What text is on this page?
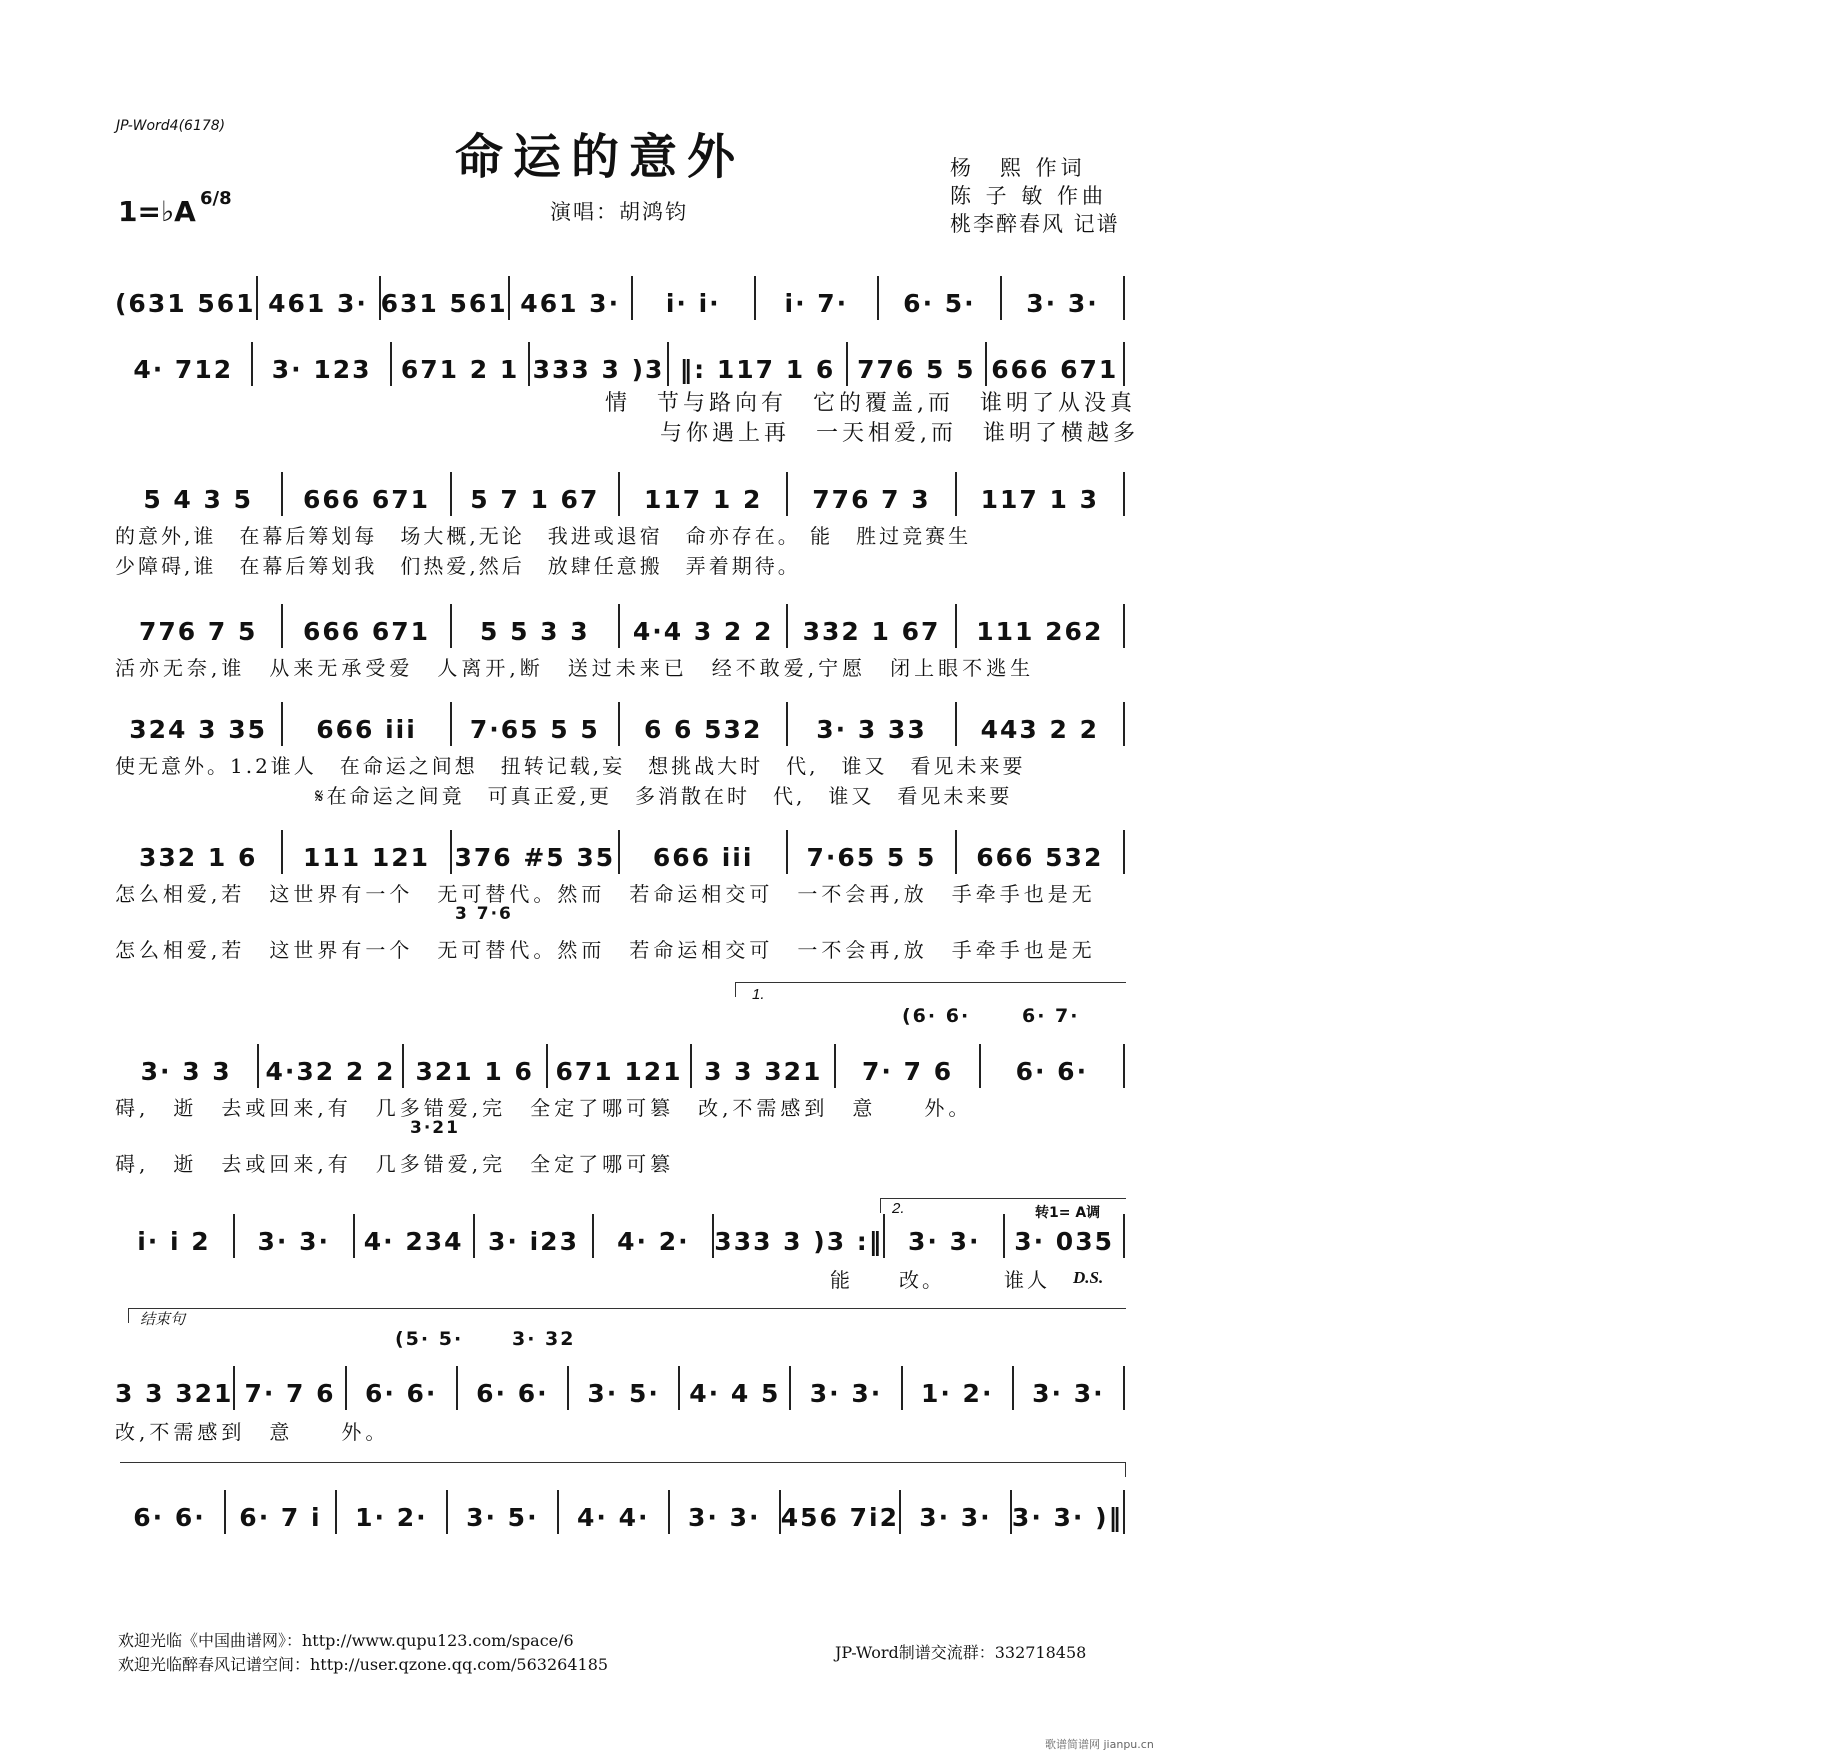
JP-Word4(6178)
命运的意外
1=♭A 6/8
演唱：胡鸿钧
杨　熙 作词
陈 子 敏 作曲
桃李醉春风 记谱
(631 561 461 3· 631 561 461 3· i· i·	i· 7· 6· 5· 3· 3·
4· 712 3· 123 671 2 1 333 3 )3 ‖: 117 1 6 776 5 5 666 671
情　节与路向有　它的覆盖,而　谁明了从没真
与你遇上再　一天相爱,而　谁明了横越多
5 4 3 5 666 671 5 7 1 67 117 1 2 776 7 3 117 1 3
的意外,谁　在幕后筹划每　场大概,无论　我进或退宿　命亦存在。 能　胜过竞赛生
少障碍,谁　在幕后筹划我　们热爱,然后　放肆任意搬　弄着期待。
776 7 5 666 671 5 5 3 3 4·4 3 2 2 332 1 67 111 262
活亦无奈,谁　从来无承受爱　人离开,断　送过未来已　经不敢爱,宁愿　闭上眼不逃生
324 3 35 666 iii 7·65 5 5 6 6 532 3· 3 33 443 2 2
使无意外。1.2谁人　在命运之间想　扭转记载,妄　想挑战大时　代,　谁又　看见未来要
𝄋在命运之间竟　可真正爱,更　多消散在时　代,　谁又　看见未来要
332 1 6 111 121 376 #5 35 666 iii 7·65 5 5 666 532
怎么相爱,若　这世界有一个　无可替代。然而　若命运相交可　一不会再,放　手牵手也是无
3 7·6
怎么相爱,若　这世界有一个　无可替代。然而　若命运相交可　一不会再,放　手牵手也是无
1.
(6· 6·	6· 7·
3· 3 3 4·32 2 2 321 1 6 671 121 3 3 321 7· 7 6 6· 6·
碍,　逝　去或回来,有　几多错爱,完　全定了哪可篡　改,不需感到　意　　外。
3·21
碍,　逝　去或回来,有　几多错爱,完　全定了哪可篡
2.	转1= A调
i· i 2 3· 3· 4· 234 3· i23 4· 2· 333 3 )3 :‖ 3· 3· 3· 035
能　　改。　　　谁人	D.S.
结束句
(5· 5·	3· 32
3 3 321 7· 7 6 6· 6· 6· 6· 3· 5· 4· 4 5 3· 3· 1· 2· 3· 3·
改,不需感到　意　　外。
6· 6· 6· 7 i 1· 2· 3· 5· 4· 4· 3· 3· 456 7i2 3· 3· 3· 3· )‖
欢迎光临《中国曲谱网》：http://www.qupu123.com/space/6
欢迎光临醉春风记谱空间：http://user.qzone.qq.com/563264185
JP-Word制谱交流群：332718458
歌谱简谱网 jianpu.cn
